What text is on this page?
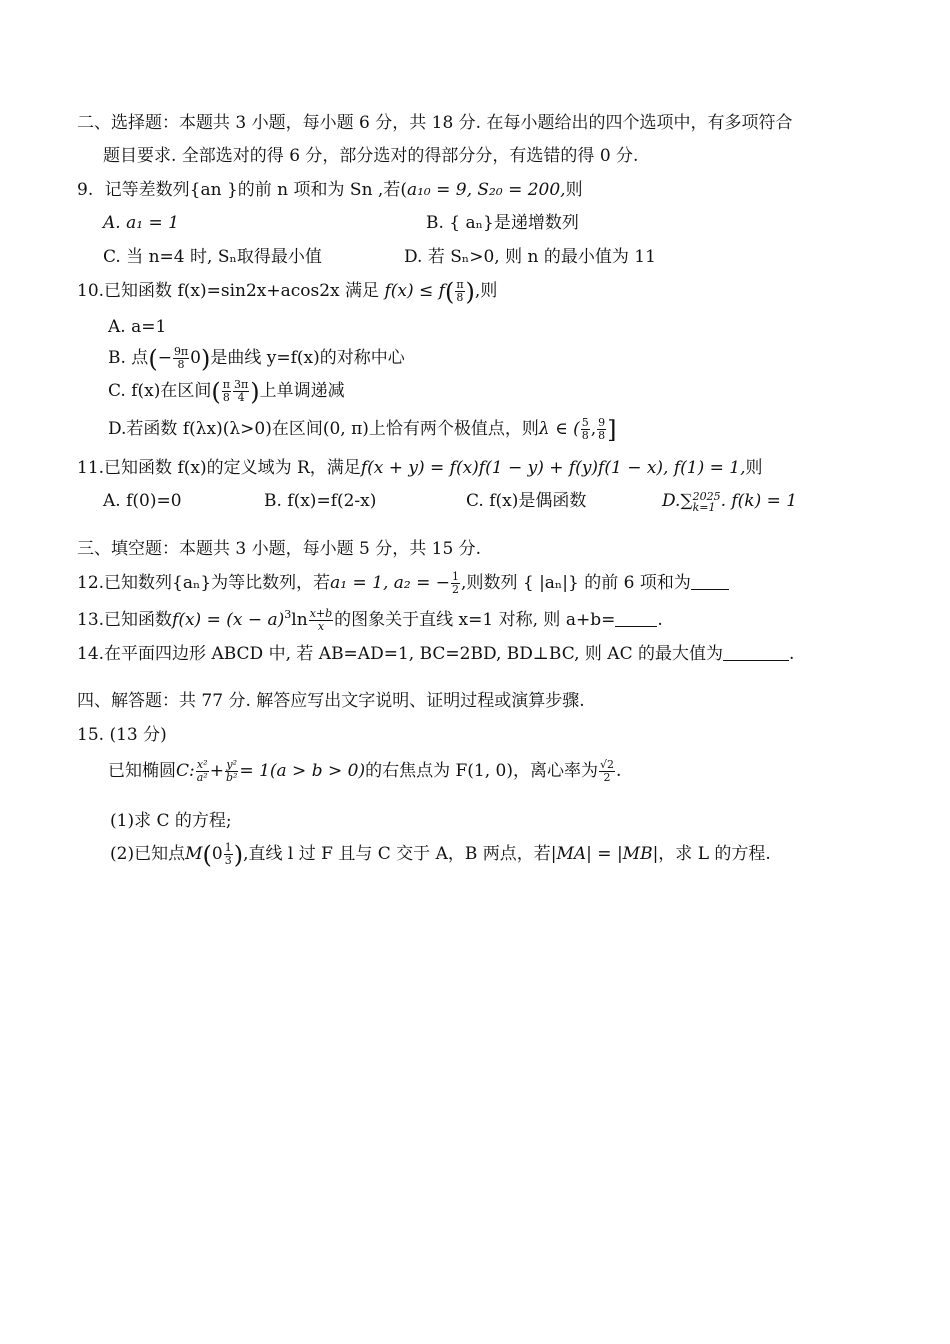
二、选择题：本题共 3 小题，每小题 6 分，共 18 分. 在每小题给出的四个选项中，有多项符合
题目要求. 全部选对的得 6 分，部分选对的得部分分，有选错的得 0 分.
9. 记等差数列{an }的前 n 项和为 Sn ,若(a₁₀ = 9, S₂₀ = 200,则
A. a₁ = 1	B. { aₙ}是递增数列
C. 当 n=4 时, Sₙ取得最小值	D. 若 Sₙ>0, 则 n 的最小值为 11
10.已知函数 f(x)=sin2x+acos2x 满足 $f(x) \le f( \frac{\pi}{8}$ ),则
A. a=1
B. 点(− $\frac{9\pi}{8} 0$)是曲线 y=f(x)的对称中心
C. f(x)在区间( $\frac{\pi}{8} \frac{3\pi}{4}$ )上单调递减
D.若函数 f(λx)(λ>0)在区间(0, π)上恰有两个极值点，则λ ∈ ( $\frac{5}{8}$ , $\frac{9}{8}$ ]
11.已知函数 f(x)的定义域为 R，满足f(x + y) = f(x)f(1 − y) + f(y)f(1 − x), f(1) = 1,则
A. f(0)=0	B. f(x)=f(2-x)	C. f(x)是偶函数	D.∑ 2025
k=1 . f(k) = 1
三、填空题：本题共 3 小题，每小题 5 分，共 15 分.
12.已知数列{aₙ}为等比数列，若a₁ = 1, a₂ = − $\frac{1}{2}$ ,则数列 { |aₙ|} 的前 6 项和为
13.已知函数$f(x) = (x - a)^3\ln \frac{x+b}{x}$ 的图象关于直线 x=1 对称, 则 a+b= .
14.在平面四边形 ABCD 中, 若 AB=AD=1, BC=2BD, BD⊥BC, 则 AC 的最大值为	.
四、解答题：共 77 分. 解答应写出文字说明、证明过程或演算步骤.
15. (13 分)
已知椭圆C: $\frac{\text{x²}}{\text{a²}} + \frac{\text{y²}}{\text{b²}} = 1(a > b > 0)$的右焦点为 F(1, 0)，离心率为 $\frac{√2}{2}$ .
(1)求 C 的方程;
(2)已知点$M(0 \frac{1}{3}$ ),直线 l 过 F 且与 C 交于 A，B 两点，若|MA| = |MB|，求 L 的方程.
